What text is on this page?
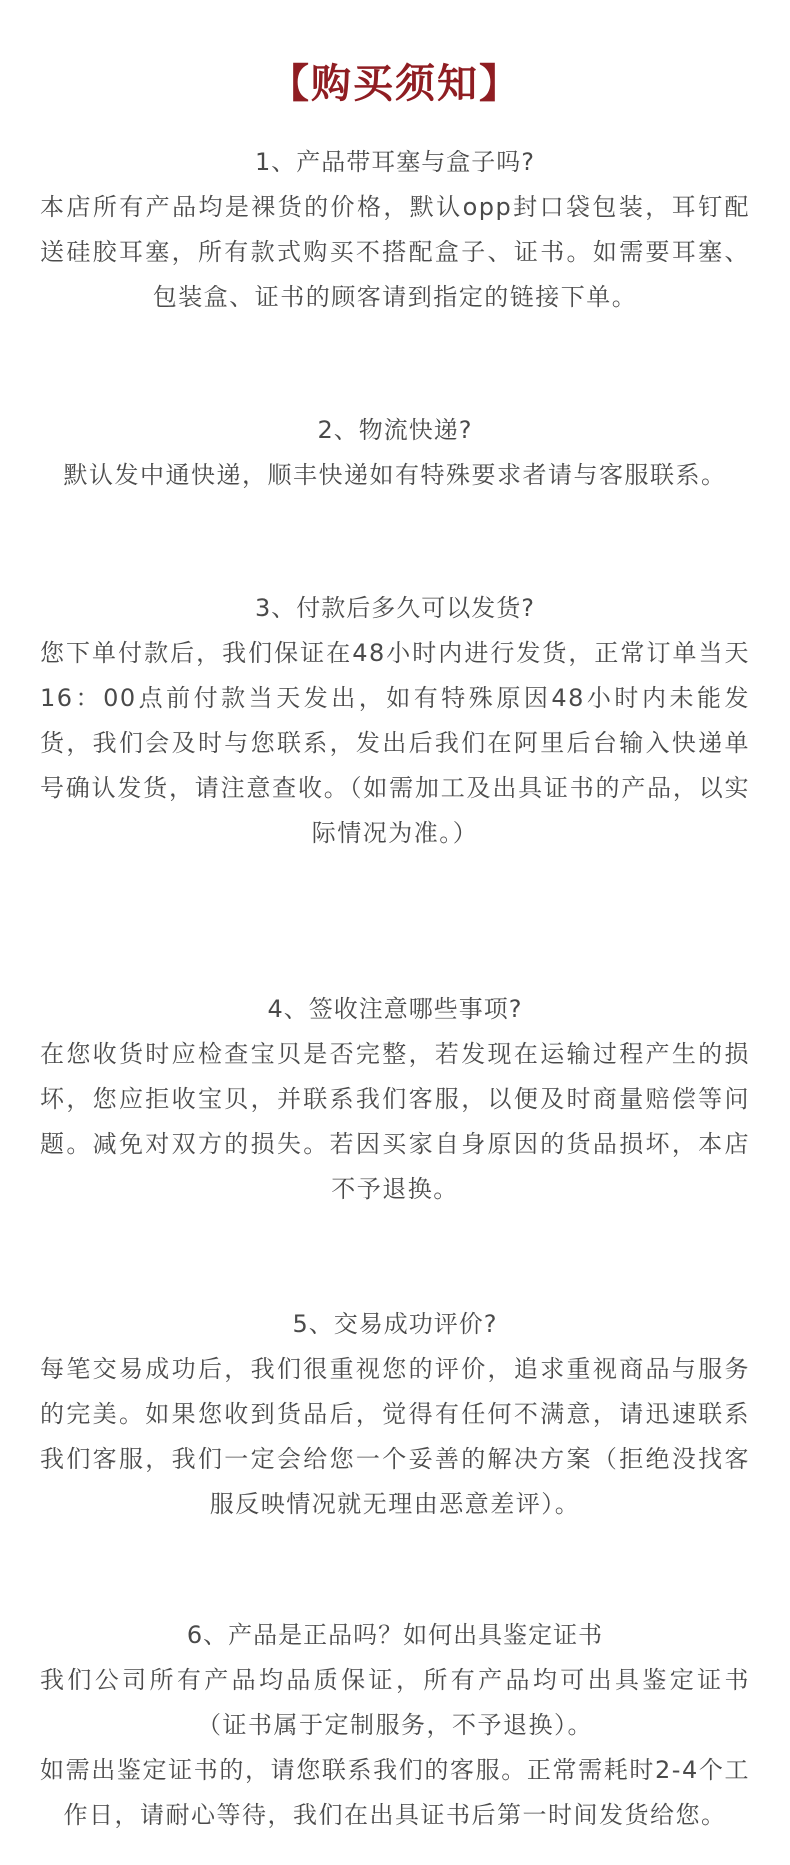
【购买须知】
1、产品带耳塞与盒子吗?
本店所有产品均是裸货的价格，默认opp封口袋包装，耳钉配送硅胶耳塞，所有款式购买不搭配盒子、证书。如需要耳塞、包装盒、证书的顾客请到指定的链接下单。
2、物流快递?
默认发中通快递，顺丰快递如有特殊要求者请与客服联系。
3、付款后多久可以发货?
您下单付款后，我们保证在48小时内进行发货，正常订单当天16：00点前付款当天发出，如有特殊原因48小时内未能发货，我们会及时与您联系，发出后我们在阿里后台输入快递单号确认发货，请注意查收。（如需加工及出具证书的产品，以实际情况为准。）
4、签收注意哪些事项?
在您收货时应检查宝贝是否完整，若发现在运输过程产生的损坏，您应拒收宝贝，并联系我们客服，以便及时商量赔偿等问题。减免对双方的损失。若因买家自身原因的货品损坏，本店不予退换。
5、交易成功评价?
每笔交易成功后，我们很重视您的评价，追求重视商品与服务的完美。如果您收到货品后，觉得有任何不满意，请迅速联系我们客服，我们一定会给您一个妥善的解决方案（拒绝没找客服反映情况就无理由恶意差评）。
6、产品是正品吗？如何出具鉴定证书
我们公司所有产品均品质保证，所有产品均可出具鉴定证书（证书属于定制服务，不予退换）。
如需出鉴定证书的，请您联系我们的客服。正常需耗时2-4个工作日，请耐心等待，我们在出具证书后第一时间发货给您。
